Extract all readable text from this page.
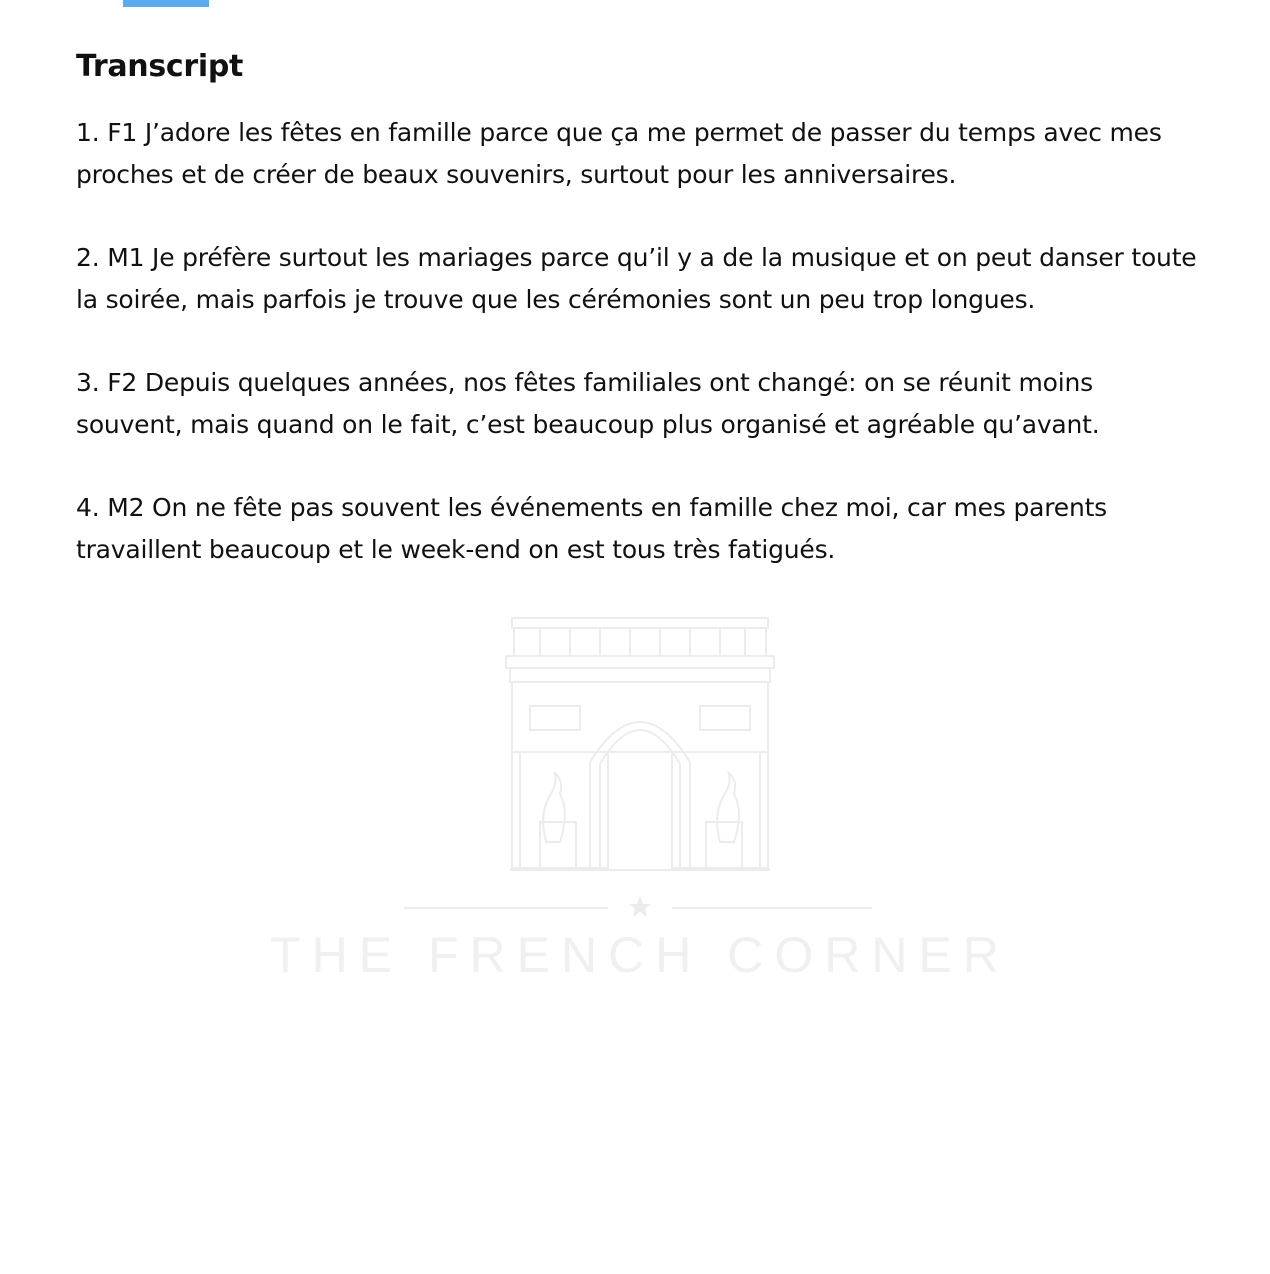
Transcript

1. F1 J’adore les fêtes en famille parce que ça me permet de passer du temps avec mes proches et de créer de beaux souvenirs, surtout pour les anniversaires.

2. M1 Je préfère surtout les mariages parce qu’il y a de la musique et on peut danser toute la soirée, mais parfois je trouve que les cérémonies sont un peu trop longues.

3. F2 Depuis quelques années, nos fêtes familiales ont changé: on se réunit moins souvent, mais quand on le fait, c’est beaucoup plus organisé et agréable qu’avant.

4. M2 On ne fête pas souvent les événements en famille chez moi, car mes parents travaillent beaucoup et le week-end on est tous très fatigués.

THE FRENCH CORNER
